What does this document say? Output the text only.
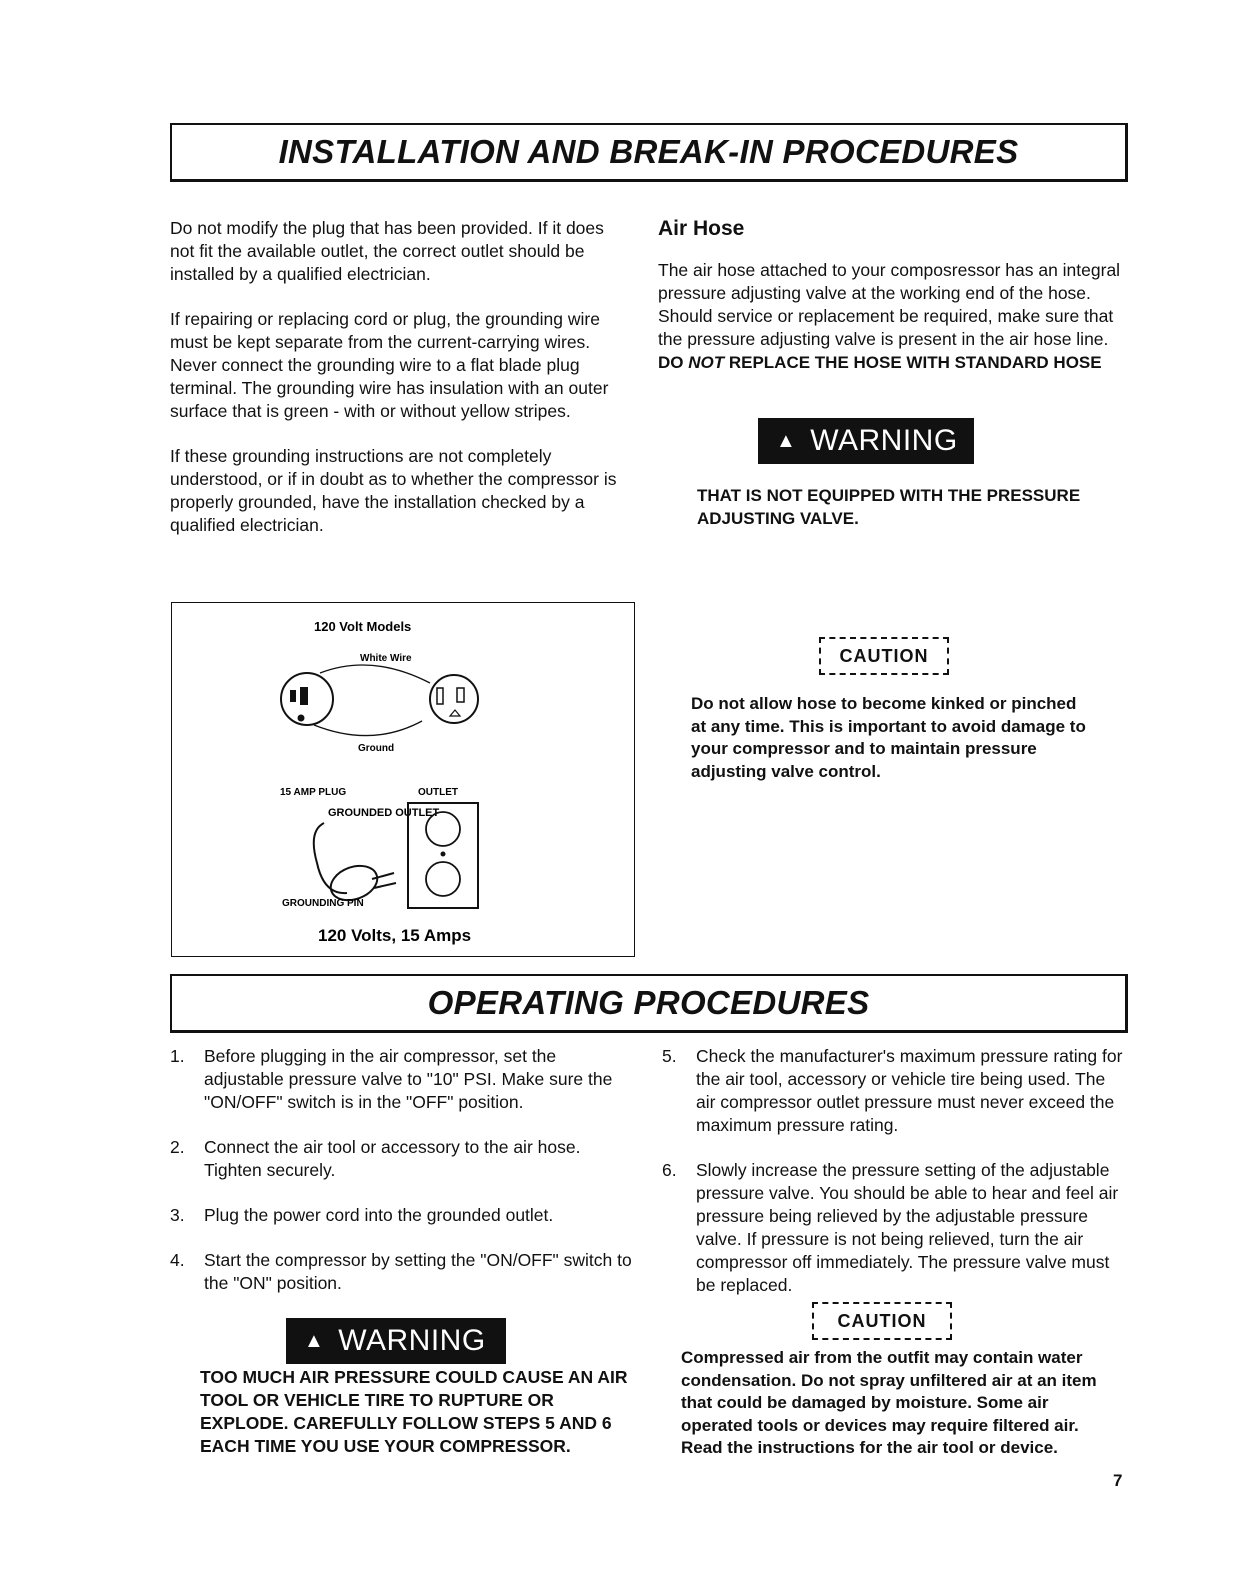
INSTALLATION AND BREAK-IN PROCEDURES

Do not modify the plug that has been provided. If it does not fit the available outlet, the correct outlet should be installed by a qualified electrician.

If repairing or replacing cord or plug, the grounding wire must be kept separate from the current-carrying wires. Never connect the grounding wire to a flat blade plug terminal. The grounding wire has insulation with an outer surface that is green - with or without yellow stripes.

If these grounding instructions are not completely understood, or if in doubt as to whether the compressor is properly grounded, have the installation checked by a qualified electrician.

Air Hose

The air hose attached to your composressor has an integral pressure adjusting valve at the working end of the hose. Should service or replacement be required, make sure that the pressure adjusting valve is present in the air hose line.

DO NOT REPLACE THE HOSE WITH STANDARD HOSE
▲ WARNING
THAT IS NOT EQUIPPED WITH THE PRESSURE ADJUSTING VALVE.
120 Volt Models
White Wire
Ground
15 AMP PLUG	OUTLET
GROUNDED OUTLET
GROUNDING PIN
120 Volts, 15 Amps
CAUTION
Do not allow hose to become kinked or pinched at any time. This is important to avoid damage to your compressor and to maintain pressure adjusting valve control.
OPERATING PROCEDURES
1.	Before plugging in the air compressor, set the adjustable pressure valve to "10" PSI. Make sure the "ON/OFF" switch is in the "OFF" position.
2.	Connect the air tool or accessory to the air hose. Tighten securely.
3.	Plug the power cord into the grounded outlet.
4.	Start the compressor by setting the "ON/OFF" switch to the "ON" position.
▲ WARNING
TOO MUCH AIR PRESSURE COULD CAUSE AN AIR TOOL OR VEHICLE TIRE TO RUPTURE OR EXPLODE. CAREFULLY FOLLOW STEPS 5 AND 6 EACH TIME YOU USE YOUR COMPRESSOR.
5.	Check the manufacturer's maximum pressure rating for the air tool, accessory or vehicle tire being used. The air compressor outlet pressure must never exceed the maximum pressure rating.
6.	Slowly increase the pressure setting of the adjustable pressure valve. You should be able to hear and feel air pressure being relieved by the adjustable pressure valve. If pressure is not being relieved, turn the air compressor off immediately. The pressure valve must be replaced.
CAUTION
Compressed air from the outfit may contain water condensation. Do not spray unfiltered air at an item that could be damaged by moisture. Some air operated tools or devices may require filtered air. Read the instructions for the air tool or device.
7
